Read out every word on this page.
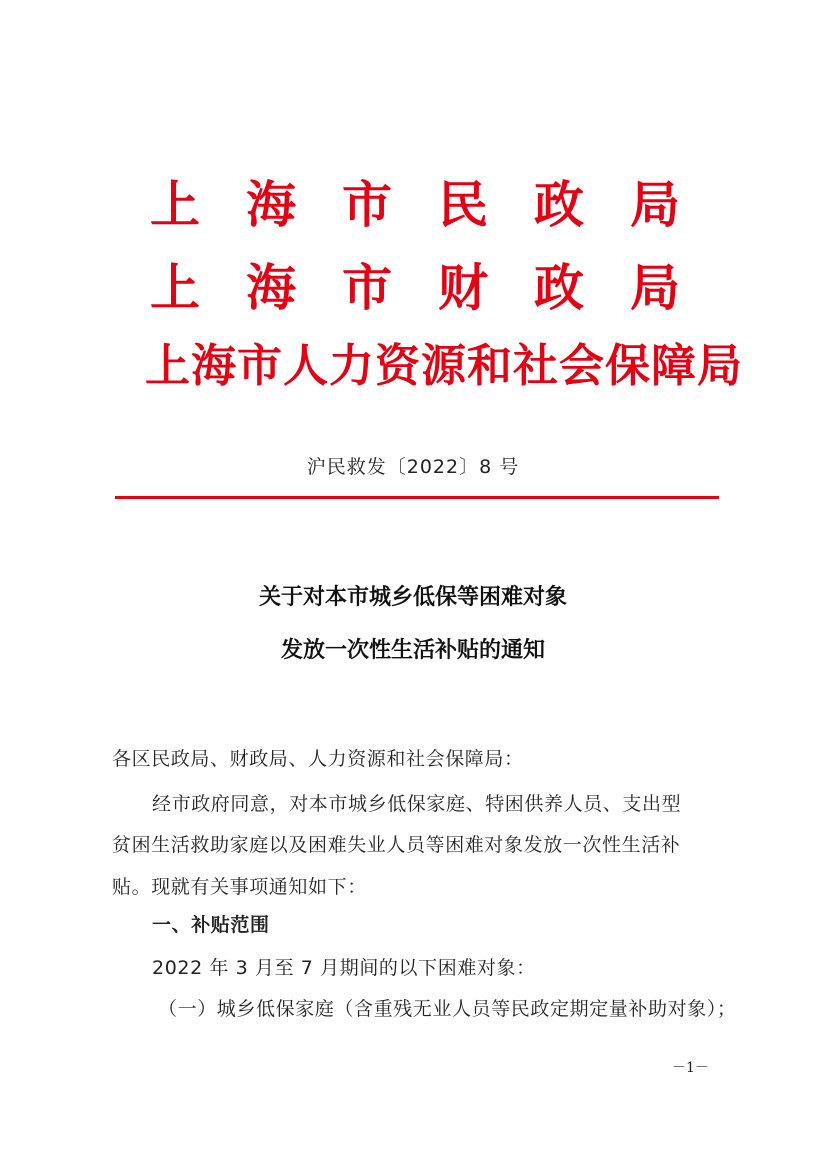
上 海 市 民 政 局
上 海 市 财 政 局
上海市人力资源和社会保障局
沪民救发〔2022〕8 号
关于对本市城乡低保等困难对象
发放一次性生活补贴的通知
各区民政局、财政局、人力资源和社会保障局：
经市政府同意，对本市城乡低保家庭、特困供养人员、支出型
贫困生活救助家庭以及困难失业人员等困难对象发放一次性生活补
贴。现就有关事项通知如下：
一、补贴范围
2022 年 3 月至 7 月期间的以下困难对象：
（一）城乡低保家庭（含重残无业人员等民政定期定量补助对象）；
－1－
